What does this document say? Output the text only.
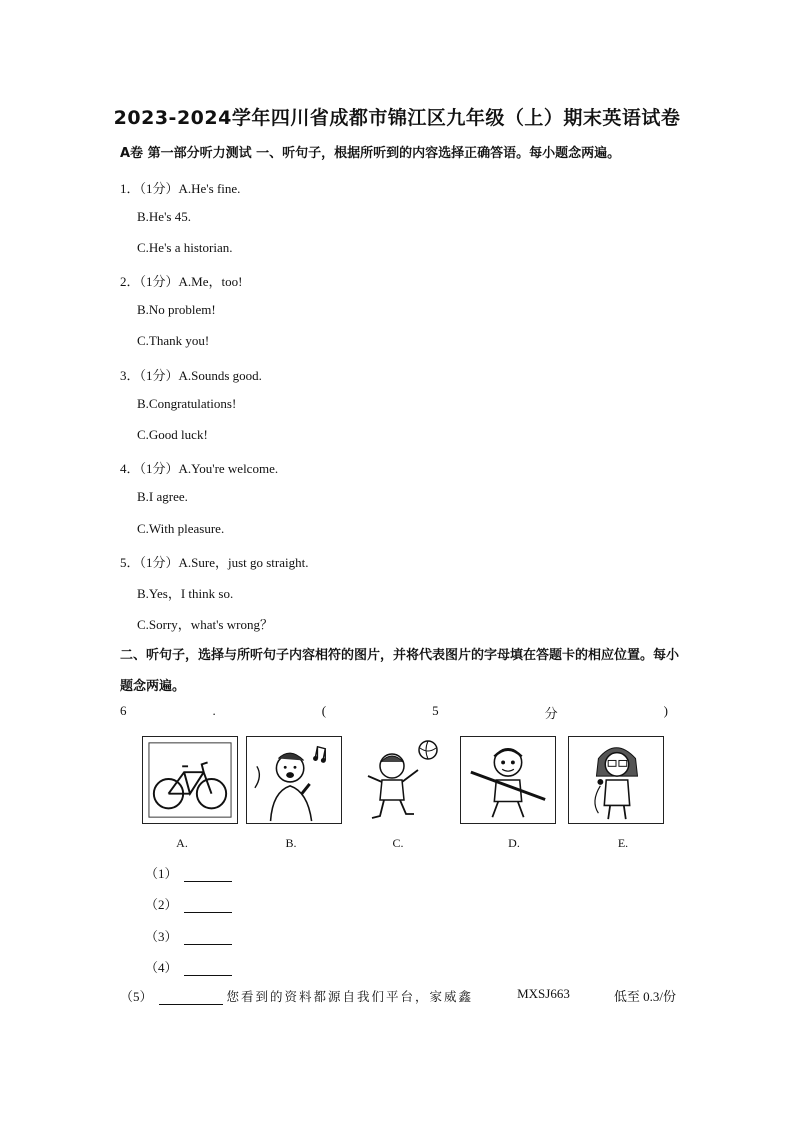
2023-2024学年四川省成都市锦江区九年级（上）期末英语试卷
A卷 第一部分听力测试 一、听句子，根据所听到的内容选择正确答语。每小题念两遍。
1．（1分）A.He's fine.
B.He's 45.
C.He's a historian.
2．（1分）A.Me，too!
B.No problem!
C.Thank you!
3．（1分）A.Sounds good.
B.Congratulations!
C.Good luck!
4．（1分）A.You're welcome.
B.I agree.
C.With pleasure.
5．（1分）A.Sure，just go straight.
B.Yes，I think so.
C.Sorry，what's wrong？
二、听句子，选择与所听句子内容相符的图片，并将代表图片的字母填在答题卡的相应位置。每小题念两遍。
6	.	(	5	分	)
A.	B.	C.	D.	E.
（1）
（2）
（3）
（4）
（5）	您看到的资料都源自我们平台，家威鑫	MXSJ663	低至 0.3/份
